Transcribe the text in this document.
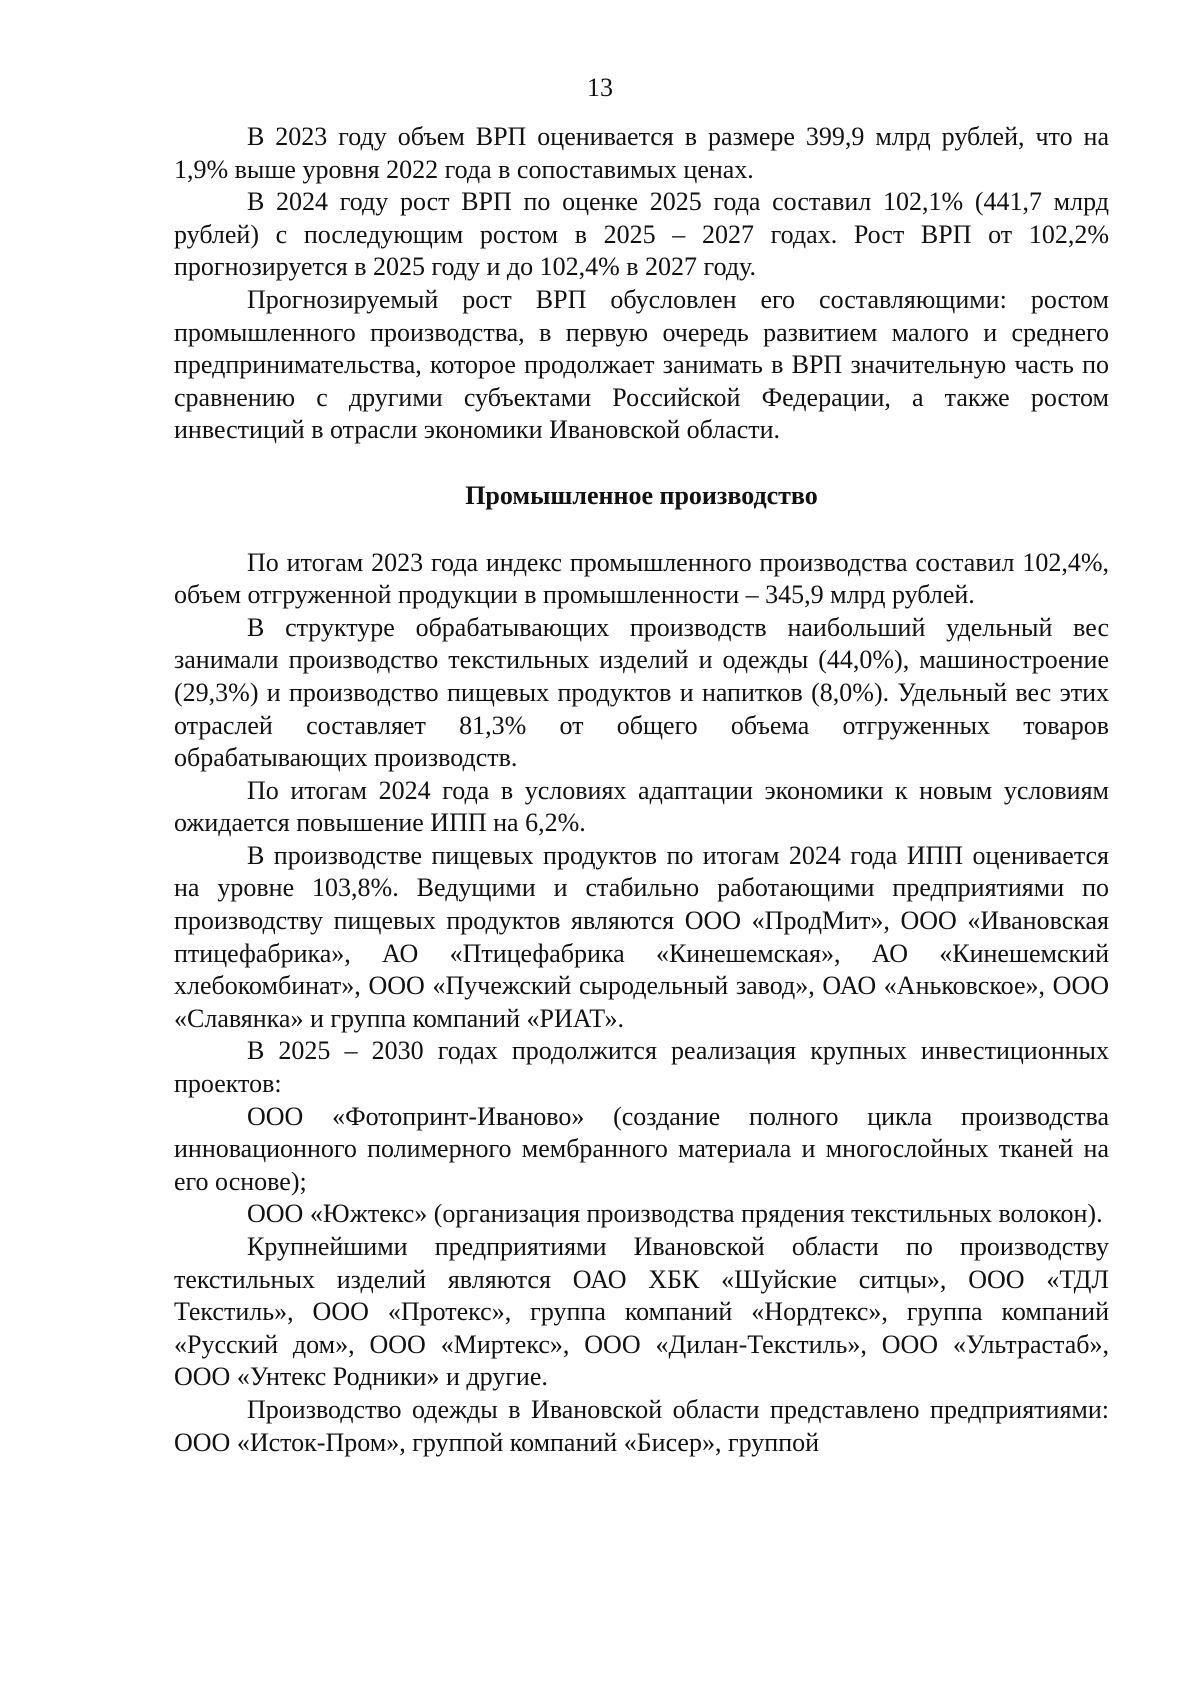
13

В 2023 году объем ВРП оценивается в размере 399,9 млрд рублей, что на 1,9% выше уровня 2022 года в сопоставимых ценах.

В 2024 году рост ВРП по оценке 2025 года составил 102,1% (441,7 млрд рублей) с последующим ростом в 2025 – 2027 годах. Рост ВРП от 102,2% прогнозируется в 2025 году и до 102,4% в 2027 году.

Прогнозируемый рост ВРП обусловлен его составляющими: ростом промышленного производства, в первую очередь развитием малого и среднего предпринимательства, которое продолжает занимать в ВРП значительную часть по сравнению с другими субъектами Российской Федерации, а также ростом инвестиций в отрасли экономики Ивановской области.

Промышленное производство

По итогам 2023 года индекс промышленного производства составил 102,4%, объем отгруженной продукции в промышленности – 345,9 млрд рублей.

В структуре обрабатывающих производств наибольший удельный вес занимали производство текстильных изделий и одежды (44,0%), машиностроение (29,3%) и производство пищевых продуктов и напитков (8,0%). Удельный вес этих отраслей составляет 81,3% от общего объема отгруженных товаров обрабатывающих производств.

По итогам 2024 года в условиях адаптации экономики к новым условиям ожидается повышение ИПП на 6,2%.

В производстве пищевых продуктов по итогам 2024 года ИПП оценивается на уровне 103,8%. Ведущими и стабильно работающими предприятиями по производству пищевых продуктов являются ООО «ПродМит», ООО «Ивановская птицефабрика», АО «Птицефабрика «Кинешемская», АО «Кинешемский хлебокомбинат», ООО «Пучежский сыродельный завод», ОАО «Аньковское», ООО «Славянка» и группа компаний «РИАТ».

В 2025 – 2030 годах продолжится реализация крупных инвестиционных проектов:

ООО «Фотопринт-Иваново» (создание полного цикла производства инновационного полимерного мембранного материала и многослойных тканей на его основе);

ООО «Южтекс» (организация производства прядения текстильных волокон).

Крупнейшими предприятиями Ивановской области по производству текстильных изделий являются ОАО ХБК «Шуйские ситцы», ООО «ТДЛ Текстиль», ООО «Протекс», группа компаний «Нордтекс», группа компаний «Русский дом», ООО «Миртекс», ООО «Дилан-Текстиль», ООО «Ультрастаб», ООО «Унтекс Родники» и другие.

Производство одежды в Ивановской области представлено предприятиями: ООО «Исток-Пром», группой компаний «Бисер», группой
